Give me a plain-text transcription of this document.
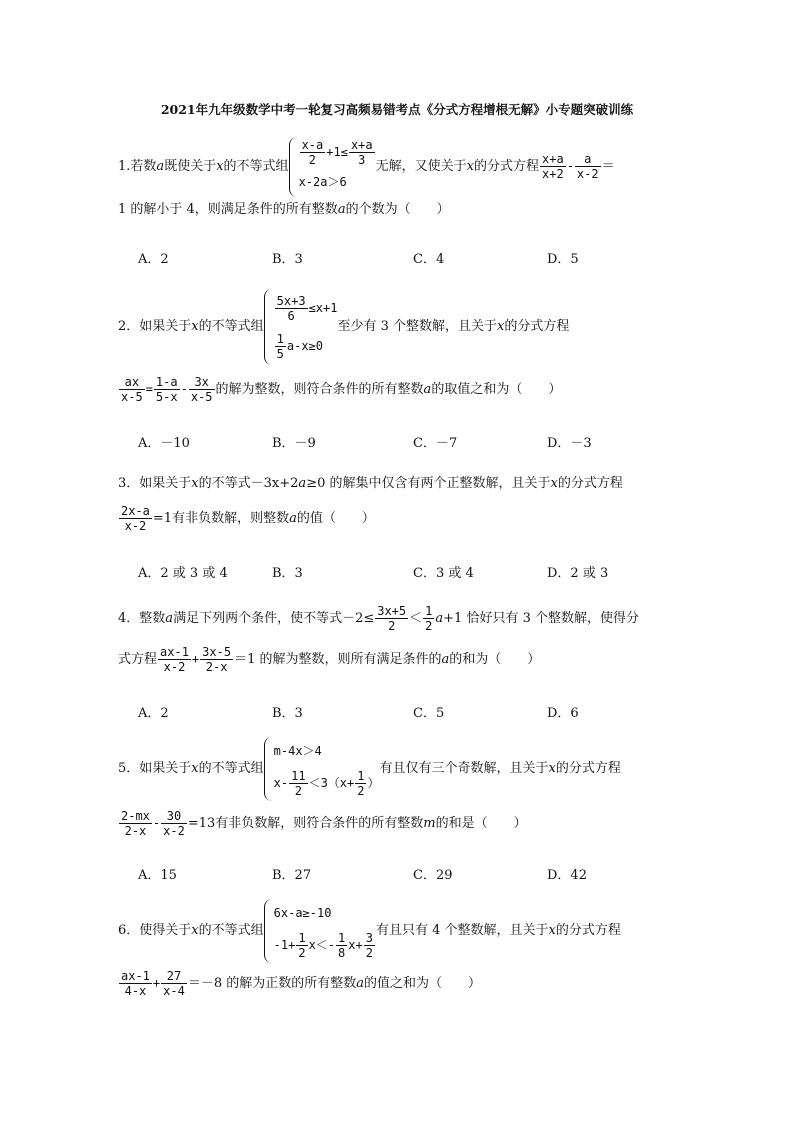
2021年九年级数学中考一轮复习高频易错考点《分式方程增根无解》小专题突破训练
1.若数a既使关于x的不等式组 $\frac{x-a}{2} +1\le \frac{x+a}{3}$
x-2a＞6
无解，又使关于x的分式方程 $\frac{x+a}{x+2} - \frac{a}{x-2}$ ＝
1 的解小于 4，则满足条件的所有整数a的个数为（　　）
A．2	B．3	C．4	D．5
2．如果关于x的不等式组
$\frac{5x+3}{6} \le x+1$
$\frac{1}{5} a-x\ge 0$
至少有 3 个整数解，且关于x的分式方程
$\frac{ax}{x-5} = \frac{1-a}{5-x} - \frac{3x}{x-5}$ 的解为整数，则符合条件的所有整数a的取值之和为（　　）
A．－10	B．－9	C．－7	D．－3
3．如果关于x的不等式－3x+2a≥0 的解集中仅含有两个正整数解，且关于x的分式方程
$\frac{2x-a}{x-2} =1$有非负数解，则整数a的值（　　）
A．2 或 3 或 4	B．3	C．3 或 4	D．2 或 3
4．整数a满足下列两个条件，使不等式$-2\le \frac{3x+5}{2} < \frac{1}{2} a+1$ 恰好只有 3 个整数解，使得分
式方程 $\frac{ax-1}{x-2} + \frac{3x-5}{2-x} =1$ 的解为整数，则所有满足条件的a的和为（　　）
A．2	B．3	C．5	D．6
5．如果关于x的不等式组
m-4x＞4
$x- \frac{11}{2} <3(x+ \frac{1}{2}$ ）
有且仅有三个奇数解，且关于x的分式方程
$\frac{2-mx}{2-x} - \frac{30}{x-2} =13$有非负数解，则符合条件的所有整数m的和是（　　）
A．15	B．27	C．29	D．42
6．使得关于x的不等式组
6x-a≥-10
$-1+ \frac{1}{2} x<- \frac{1}{8} x+ \frac{3}{2}$ 有且只有 4 个整数解，且关于x的分式方程
$\frac{ax-1}{4-x} + \frac{27}{x-4} =-8$ 的解为正数的所有整数a的值之和为（　　）
